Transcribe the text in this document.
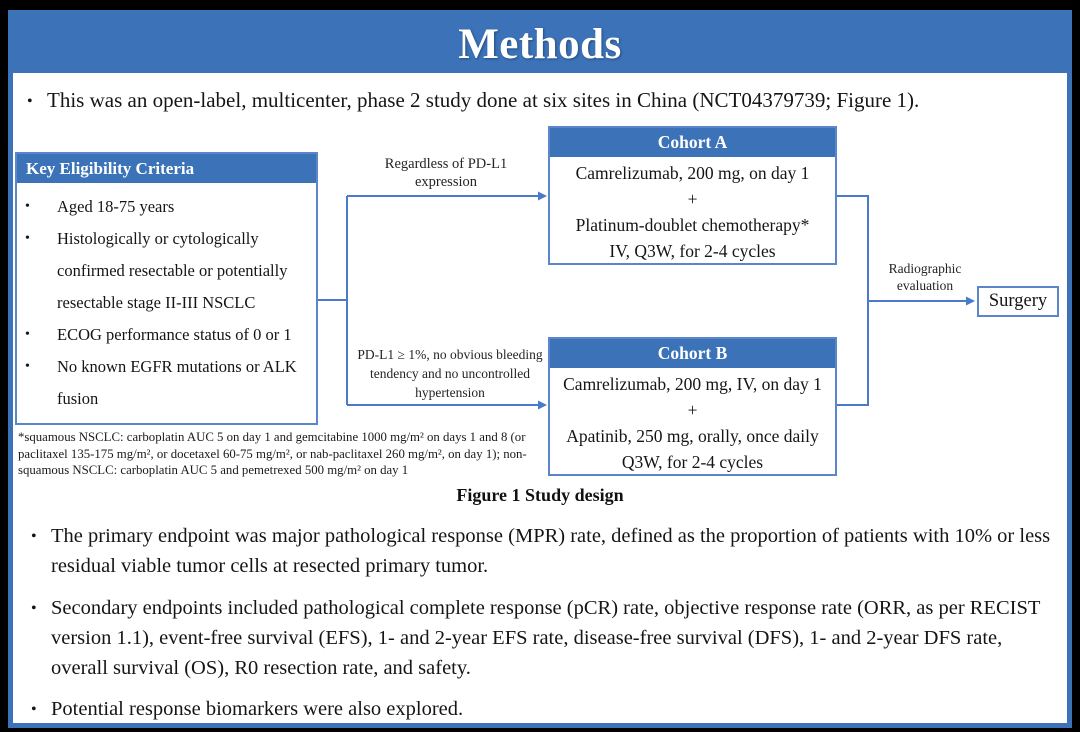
Methods
• This was an open-label, multicenter, phase 2 study done at six sites in China (NCT04379739; Figure 1).
Key Eligibility Criteria
•	Aged 18-75 years
•	Histologically or cytologically confirmed resectable or potentially resectable stage II-III NSCLC
•	ECOG performance status of 0 or 1
•	No known EGFR mutations or ALK fusion
Regardless of PD-L1 expression
PD-L1 ≥ 1%, no obvious bleeding tendency and no uncontrolled hypertension
Cohort A
Camrelizumab, 200 mg, on day 1
+
Platinum-doublet chemotherapy*
IV, Q3W, for 2-4 cycles
Cohort B
Camrelizumab, 200 mg, IV, on day 1
+
Apatinib, 250 mg, orally, once daily
Q3W, for 2-4 cycles
Radiographic evaluation
Surgery
*squamous NSCLC: carboplatin AUC 5 on day 1 and gemcitabine 1000 mg/m² on days 1 and 8 (or paclitaxel 135-175 mg/m², or docetaxel 60-75 mg/m², or nab-paclitaxel 260 mg/m², on day 1); non-squamous NSCLC: carboplatin AUC 5 and pemetrexed 500 mg/m² on day 1
Figure 1 Study design
• The primary endpoint was major pathological response (MPR) rate, defined as the proportion of patients with 10% or less residual viable tumor cells at resected primary tumor.
• Secondary endpoints included pathological complete response (pCR) rate, objective response rate (ORR, as per RECIST version 1.1), event-free survival (EFS), 1- and 2-year EFS rate, disease-free survival (DFS), 1- and 2-year DFS rate, overall survival (OS), R0 resection rate, and safety.
• Potential response biomarkers were also explored.
